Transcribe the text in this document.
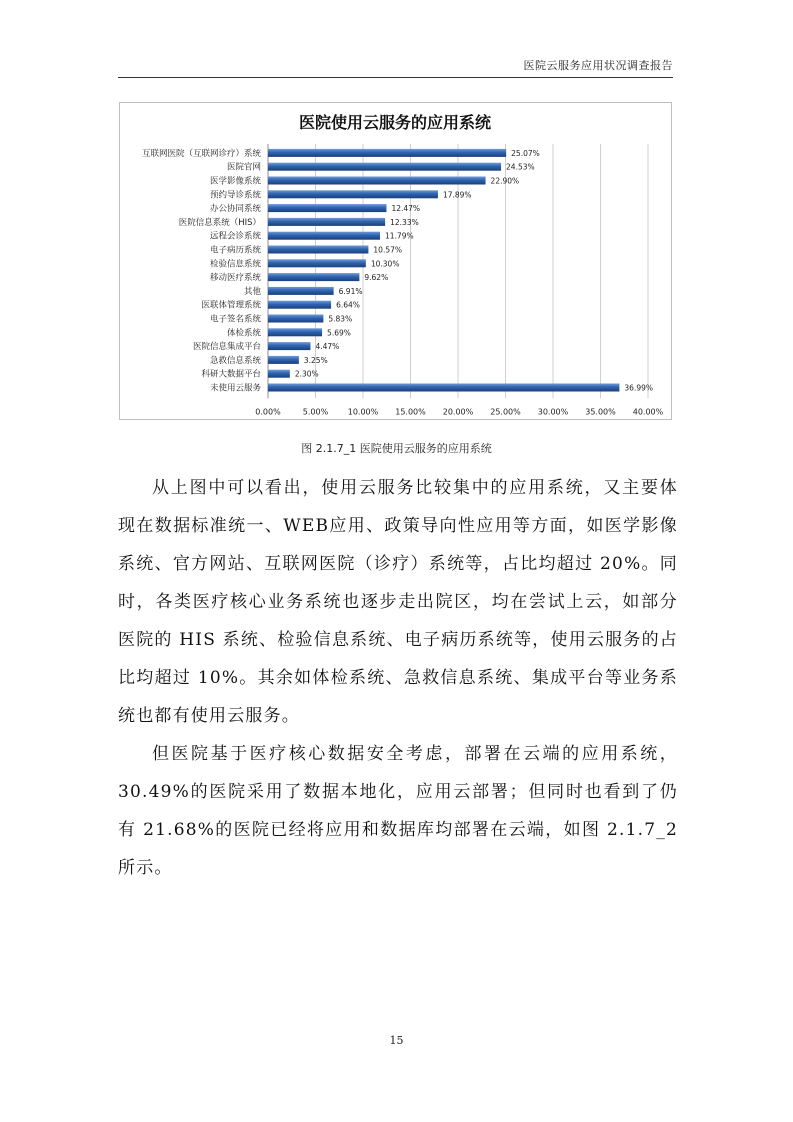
医院云服务应用状况调查报告
医院使用云服务的应用系统
0.00%	5.00% 10.00% 15.00% 20.00% 25.00% 30.00% 35.00% 40.00%
互联网医院（互联网诊疗）系统	25.07%
医院官网	24.53%
医学影像系统	22.90%
预约导诊系统	17.89%
办公协同系统	12.47%
医院信息系统（HIS）	12.33%
远程会诊系统	11.79%
电子病历系统	10.57%
检验信息系统	10.30%
移动医疗系统	9.62%
其他	6.91%
医联体管理系统	6.64%
电子签名系统	5.83%
体检系统	5.69%
医院信息集成平台	4.47%
急救信息系统	3.25%
科研大数据平台	2.30%
未使用云服务	36.99%
图 2.1.7_1 医院使用云服务的应用系统

从上图中可以看出，使用云服务比较集中的应用系统，又主要体现在数据标准统一、WEB应用、政策导向性应用等方面，如医学影像系统、官方网站、互联网医院（诊疗）系统等，占比均超过 20%。同时，各类医疗核心业务系统也逐步走出院区，均在尝试上云，如部分医院的 HIS 系统、检验信息系统、电子病历系统等，使用云服务的占比均超过 10%。其余如体检系统、急救信息系统、集成平台等业务系统也都有使用云服务。

但医院基于医疗核心数据安全考虑，部署在云端的应用系统，30.49%的医院采用了数据本地化，应用云部署；但同时也看到了仍有 21.68%的医院已经将应用和数据库均部署在云端，如图 2.1.7_2 所示。

15
